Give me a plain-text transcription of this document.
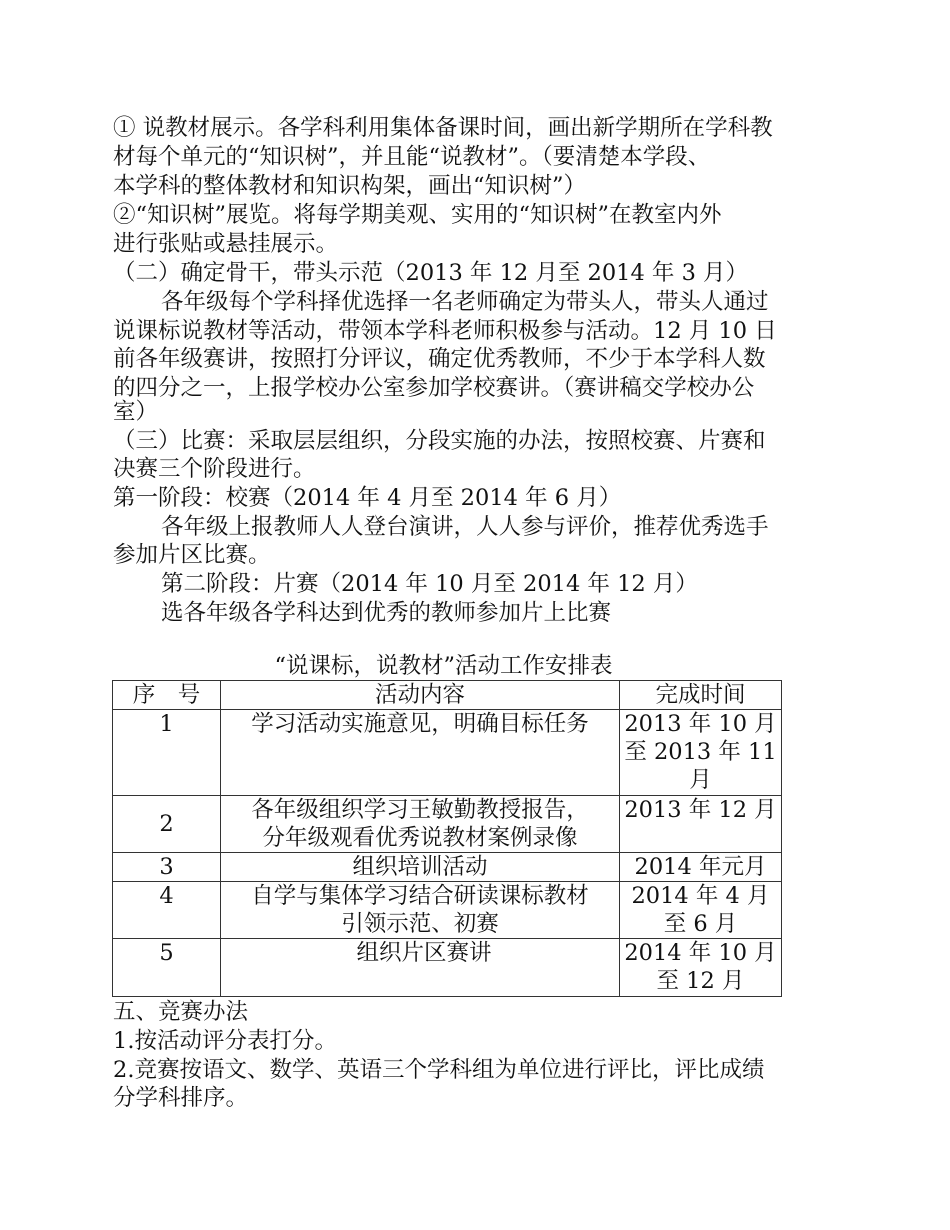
① 说教材展示。各学科利用集体备课时间，画出新学期所在学科教

材每个单元的“知识树”，并且能“说教材”。（要清楚本学段、

本学科的整体教材和知识构架，画出“知识树”）

②“知识树”展览。将每学期美观、实用的“知识树”在教室内外

进行张贴或悬挂展示。

（二）确定骨干，带头示范（2013 年 12 月至 2014 年 3 月）

各年级每个学科择优选择一名老师确定为带头人，带头人通过

说课标说教材等活动，带领本学科老师积极参与活动。12 月 10 日

前各年级赛讲，按照打分评议，确定优秀教师，不少于本学科人数

的四分之一，上报学校办公室参加学校赛讲。（赛讲稿交学校办公

室）

（三）比赛：采取层层组织，分段实施的办法，按照校赛、片赛和

决赛三个阶段进行。

第一阶段：校赛（2014 年 4 月至 2014 年 6 月）

各年级上报教师人人登台演讲，人人参与评价，推荐优秀选手

参加片区比赛。

第二阶段：片赛（2014 年 10 月至 2014 年 12 月）

选各年级各学科达到优秀的教师参加片上比赛

“说课标，说教材”活动工作安排表
序　号	活动内容	完成时间
1	学习活动实施意见，明确目标任务	2013 年 10 月
至 2013 年 11
月

2	各年级组织学习王敏勤教授报告，
分年级观看优秀说教材案例录像	2013 年 12 月

3	组织培训活动	2014 年元月

4	自学与集体学习结合研读课标教材
引领示范、初赛	2014 年 4 月
至 6 月

5	组织片区赛讲	2014 年 10 月
至 12 月

五、竞赛办法

1.按活动评分表打分。

2.竞赛按语文、数学、英语三个学科组为单位进行评比，评比成绩

分学科排序。
